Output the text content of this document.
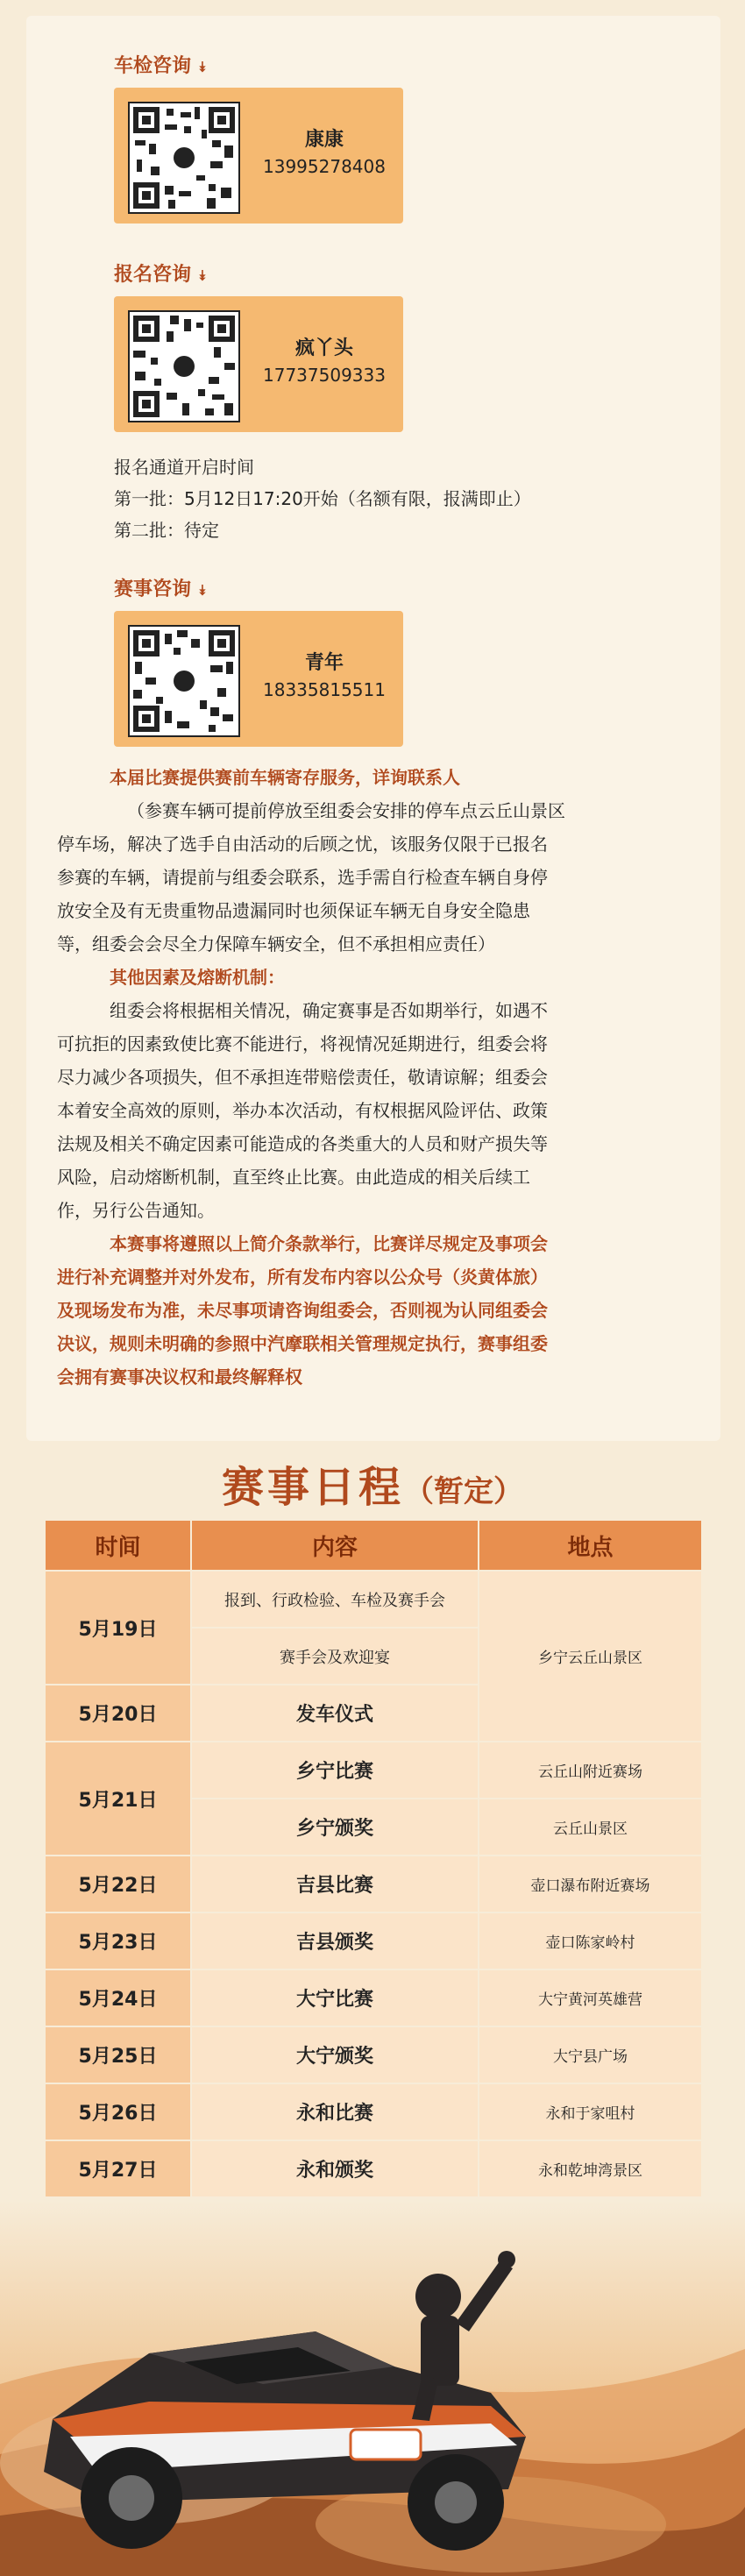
车检咨询 ⯯
康康
13995278408
报名咨询 ⯯
疯丫头
17737509333
报名通道开启时间
第一批：5月12日17:20开始（名额有限，报满即止）
第二批：待定
赛事咨询 ⯯
青年
18335815511
本届比赛提供赛前车辆寄存服务，详询联系人
（参赛车辆可提前停放至组委会安排的停车点云丘山景区
停车场，解决了选手自由活动的后顾之忧，该服务仅限于已报名
参赛的车辆，请提前与组委会联系，选手需自行检查车辆自身停
放安全及有无贵重物品遗漏同时也须保证车辆无自身安全隐患
等，组委会会尽全力保障车辆安全，但不承担相应责任）
其他因素及熔断机制：
组委会将根据相关情况，确定赛事是否如期举行，如遇不
可抗拒的因素致使比赛不能进行，将视情况延期进行，组委会将
尽力减少各项损失，但不承担连带赔偿责任，敬请谅解；组委会
本着安全高效的原则，举办本次活动，有权根据风险评估、政策
法规及相关不确定因素可能造成的各类重大的人员和财产损失等
风险，启动熔断机制，直至终止比赛。由此造成的相关后续工
作，另行公告通知。
本赛事将遵照以上简介条款举行，比赛详尽规定及事项会
进行补充调整并对外发布，所有发布内容以公众号（炎黄体旅）
及现场发布为准，未尽事项请咨询组委会，否则视为认同组委会
决议，规则未明确的参照中汽摩联相关管理规定执行，赛事组委
会拥有赛事决议权和最终解释权
赛事日程（暂定）
时间	内容	地点
5月19日
报到、行政检验、车检及赛手会
赛手会及欢迎宴	乡宁云丘山景区
5月20日	发车仪式
5月21日
乡宁比赛	云丘山附近赛场
乡宁颁奖	云丘山景区
5月22日	吉县比赛	壶口瀑布附近赛场
5月23日	吉县颁奖	壶口陈家岭村
5月24日	大宁比赛	大宁黄河英雄营
5月25日	大宁颁奖	大宁县广场
5月26日	永和比赛	永和于家咀村
5月27日	永和颁奖	永和乾坤湾景区
